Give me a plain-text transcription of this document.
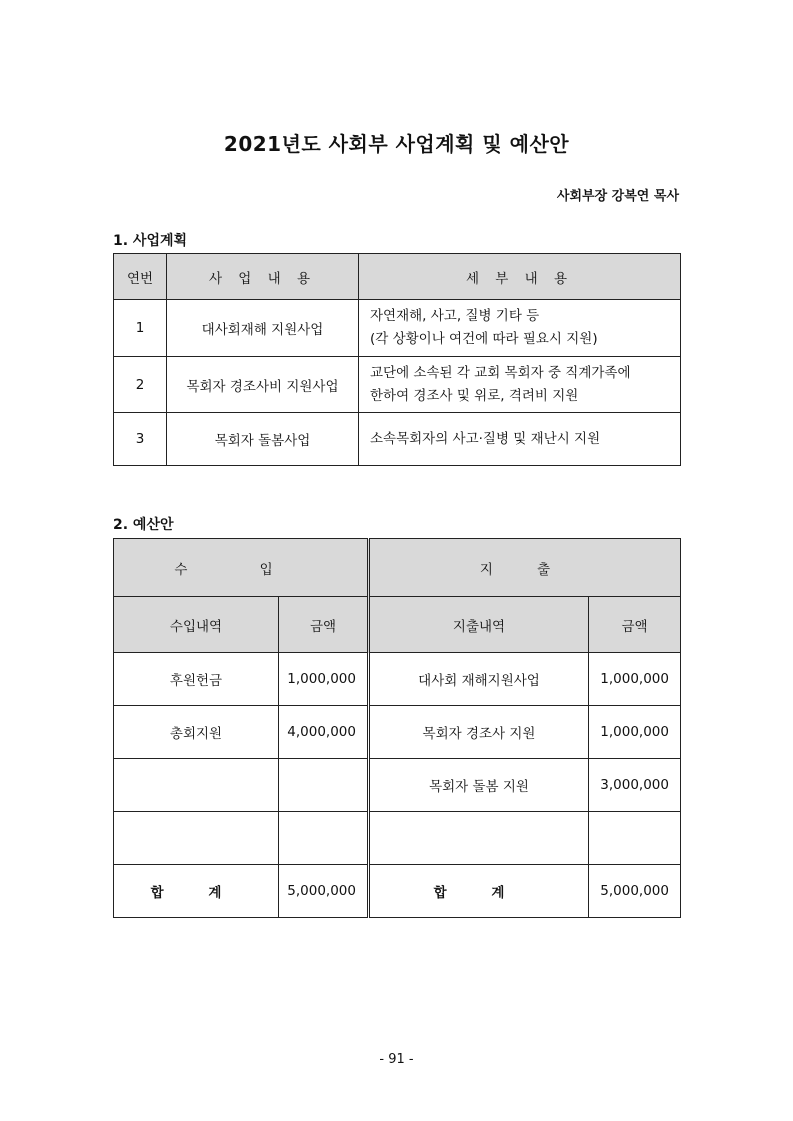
2021년도 사회부 사업계획 및 예산안
사회부장 강복연 목사
1. 사업계획
연번	사 업 내 용	세 부 내 용
1	대사회재해 지원사업	자연재해, 사고, 질병 기타 등
(각 상황이나 여건에 따라 필요시 지원)

2	목회자 경조사비 지원사업	교단에 소속된 각 교회 목회자 중 직계가족에
한하여 경조사 및 위로, 격려비 지원

3	목회자 돌봄사업	소속목회자의 사고·질병 및 재난시 지원
2. 예산안
수 입		지 출	
수입내역	금액	지출내역	금액
후원헌금	1,000,000	대사회 재해지원사업	1,000,000
총회지원	4,000,000	목회자 경조사 지원	1,000,000
		목회자 돌봄 지원	3,000,000

합 계	5,000,000	합 계	5,000,000
- 91 -
